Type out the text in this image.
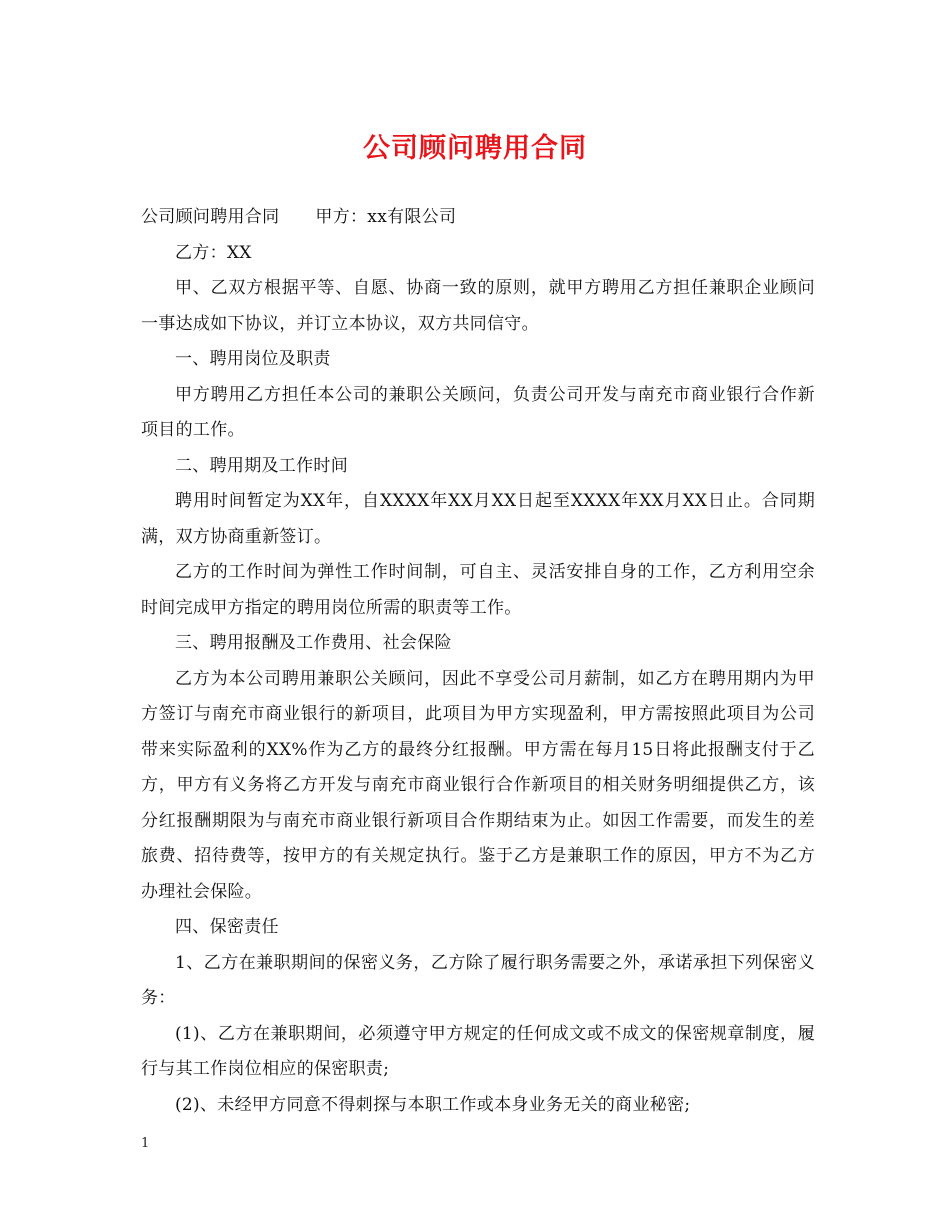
公司顾问聘用合同

公司顾问聘用合同 甲方：xx有限公司

乙方：XX

甲、乙双方根据平等、自愿、协商一致的原则，就甲方聘用乙方担任兼职企业顾问一事达成如下协议，并订立本协议，双方共同信守。

一、聘用岗位及职责

甲方聘用乙方担任本公司的兼职公关顾问，负责公司开发与南充市商业银行合作新项目的工作。

二、聘用期及工作时间

聘用时间暂定为XX年，自XXXX年XX月XX日起至XXXX年XX月XX日止。合同期满，双方协商重新签订。

乙方的工作时间为弹性工作时间制，可自主、灵活安排自身的工作，乙方利用空余时间完成甲方指定的聘用岗位所需的职责等工作。

三、聘用报酬及工作费用、社会保险

乙方为本公司聘用兼职公关顾问，因此不享受公司月薪制，如乙方在聘用期内为甲方签订与南充市商业银行的新项目，此项目为甲方实现盈利，甲方需按照此项目为公司带来实际盈利的XX%作为乙方的最终分红报酬。甲方需在每月15日将此报酬支付于乙方，甲方有义务将乙方开发与南充市商业银行合作新项目的相关财务明细提供乙方，该分红报酬期限为与南充市商业银行新项目合作期结束为止。如因工作需要，而发生的差旅费、招待费等，按甲方的有关规定执行。鉴于乙方是兼职工作的原因，甲方不为乙方办理社会保险。

四、保密责任

1、乙方在兼职期间的保密义务，乙方除了履行职务需要之外，承诺承担下列保密义务：

(1)、乙方在兼职期间，必须遵守甲方规定的任何成文或不成文的保密规章制度，履行与其工作岗位相应的保密职责;

(2)、未经甲方同意不得刺探与本职工作或本身业务无关的商业秘密;

1
